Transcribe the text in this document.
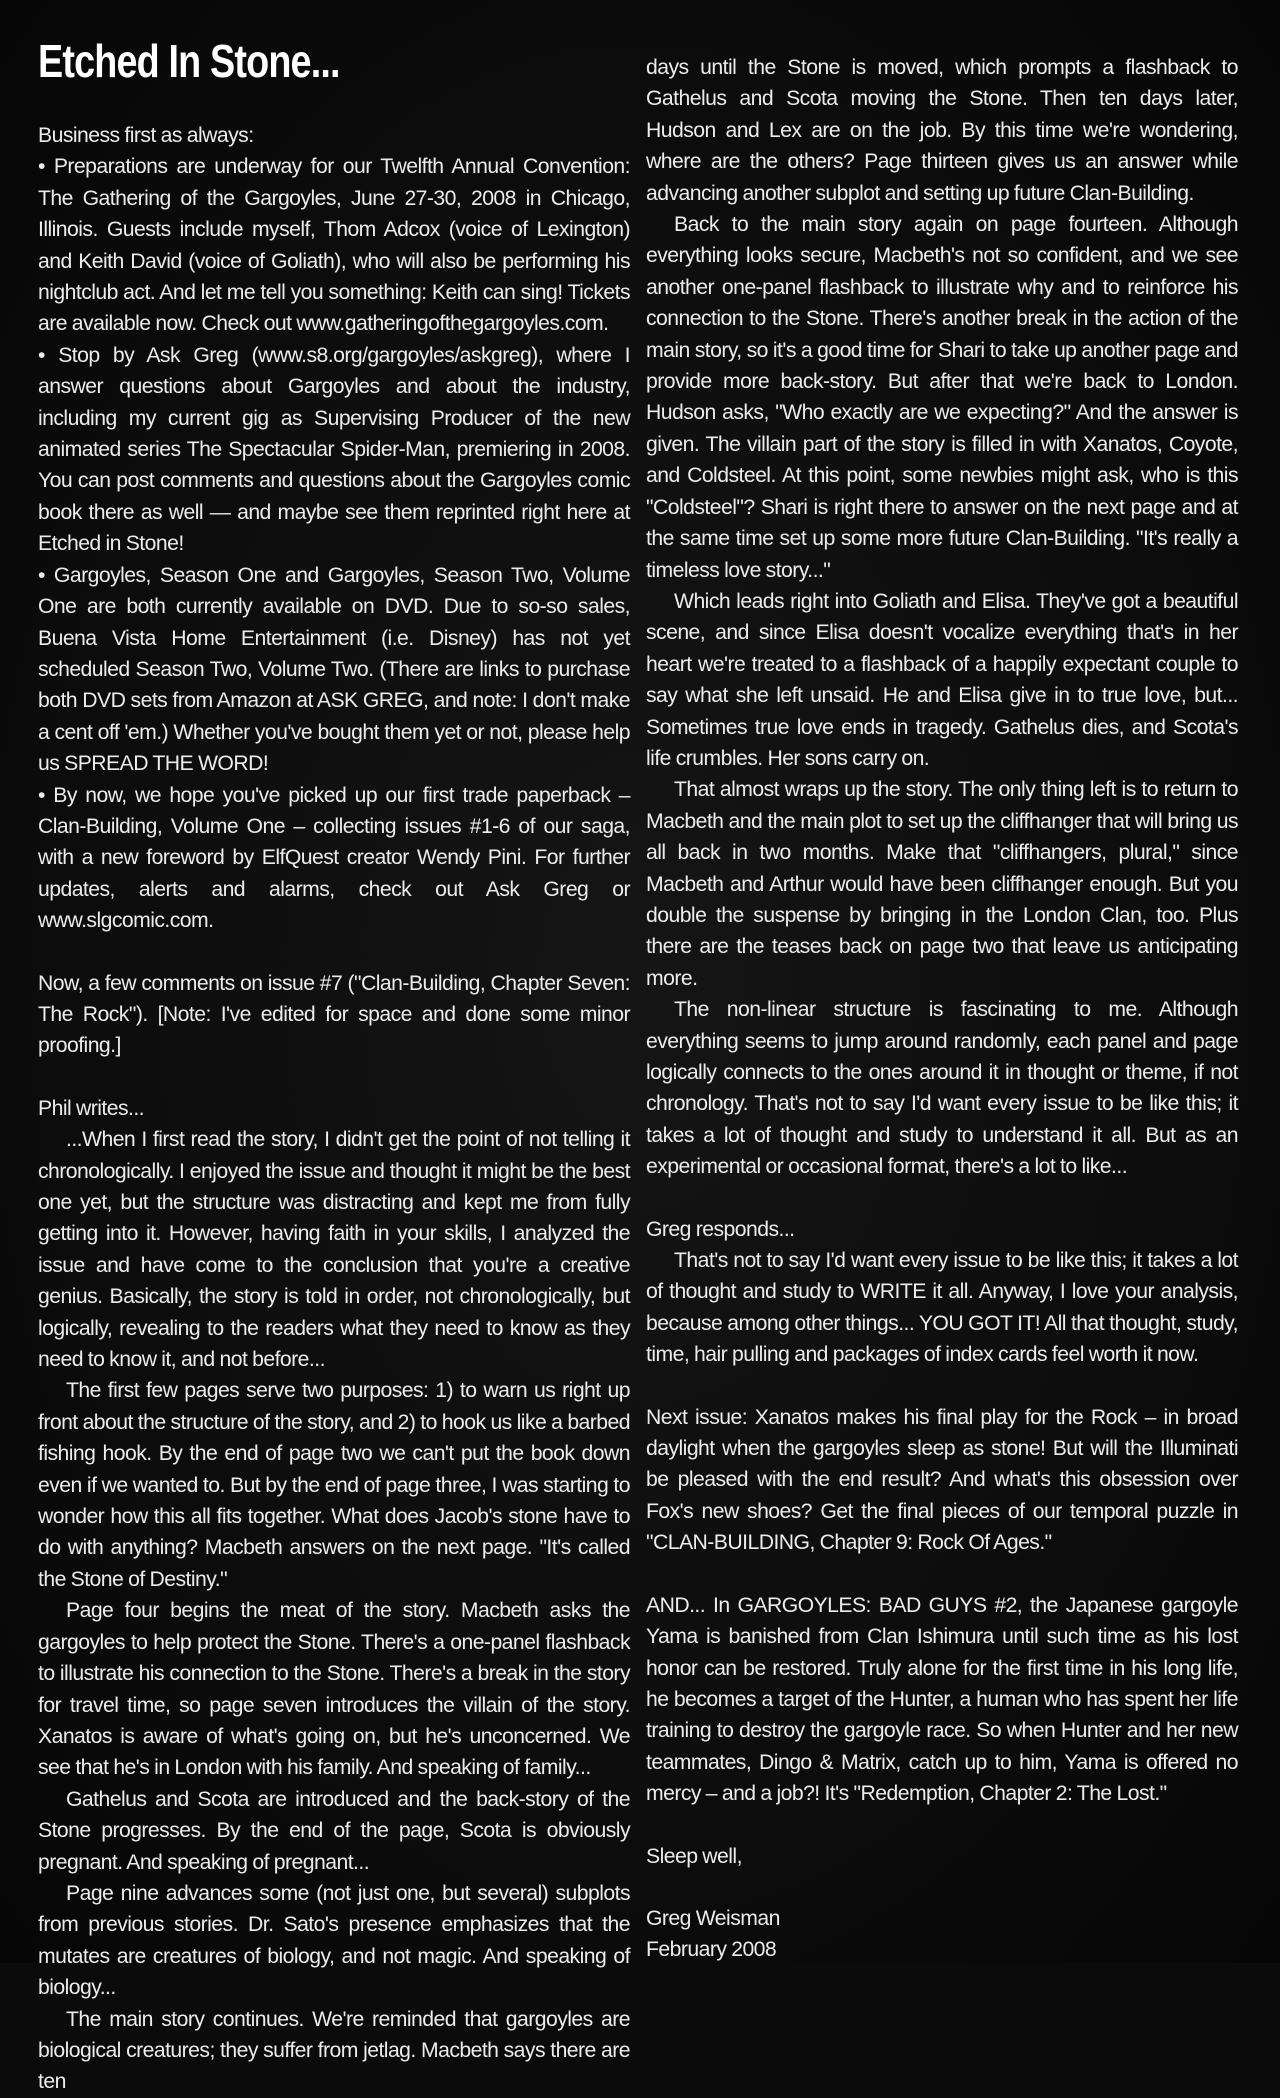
Etched In Stone...

Business first as always:

• Preparations are underway for our Twelfth Annual Convention: The Gathering of the Gargoyles, June 27-30, 2008 in Chicago, Illinois. Guests include myself, Thom Adcox (voice of Lexington) and Keith David (voice of Goliath), who will also be performing his nightclub act. And let me tell you something: Keith can sing! Tickets are available now. Check out www.gatheringofthegargoyles.com.

• Stop by Ask Greg (www.s8.org/gargoyles/askgreg), where I answer questions about Gargoyles and about the industry, including my current gig as Supervising Producer of the new animated series The Spectacular Spider-Man, premiering in 2008. You can post comments and questions about the Gargoyles comic book there as well — and maybe see them reprinted right here at Etched in Stone!

• Gargoyles, Season One and Gargoyles, Season Two, Volume One are both currently available on DVD. Due to so-so sales, Buena Vista Home Entertainment (i.e. Disney) has not yet scheduled Season Two, Volume Two. (There are links to purchase both DVD sets from Amazon at ASK GREG, and note: I don't make a cent off 'em.) Whether you've bought them yet or not, please help us SPREAD THE WORD!

• By now, we hope you've picked up our first trade paperback – Clan-Building, Volume One – collecting issues #1-6 of our saga, with a new foreword by ElfQuest creator Wendy Pini. For further updates, alerts and alarms, check out Ask Greg or www.slgcomic.com.

Now, a few comments on issue #7 ("Clan-Building, Chapter Seven: The Rock"). [Note: I've edited for space and done some minor proofing.]

Phil writes...

...When I first read the story, I didn't get the point of not telling it chronologically. I enjoyed the issue and thought it might be the best one yet, but the structure was distracting and kept me from fully getting into it. However, having faith in your skills, I analyzed the issue and have come to the conclusion that you're a creative genius. Basically, the story is told in order, not chronologically, but logically, revealing to the readers what they need to know as they need to know it, and not before...

The first few pages serve two purposes: 1) to warn us right up front about the structure of the story, and 2) to hook us like a barbed fishing hook. By the end of page two we can't put the book down even if we wanted to. But by the end of page three, I was starting to wonder how this all fits together. What does Jacob's stone have to do with anything? Macbeth answers on the next page. "It's called the Stone of Destiny."

Page four begins the meat of the story. Macbeth asks the gargoyles to help protect the Stone. There's a one-panel flashback to illustrate his connection to the Stone. There's a break in the story for travel time, so page seven introduces the villain of the story. Xanatos is aware of what's going on, but he's unconcerned. We see that he's in London with his family. And speaking of family...

Gathelus and Scota are introduced and the back-story of the Stone progresses. By the end of the page, Scota is obviously pregnant. And speaking of pregnant...

Page nine advances some (not just one, but several) subplots from previous stories. Dr. Sato's presence emphasizes that the mutates are creatures of biology, and not magic. And speaking of biology...

The main story continues. We're reminded that gargoyles are biological creatures; they suffer from jetlag. Macbeth says there are ten

days until the Stone is moved, which prompts a flashback to Gathelus and Scota moving the Stone. Then ten days later, Hudson and Lex are on the job. By this time we're wondering, where are the others? Page thirteen gives us an answer while advancing another subplot and setting up future Clan-Building.

Back to the main story again on page fourteen. Although everything looks secure, Macbeth's not so confident, and we see another one-panel flashback to illustrate why and to reinforce his connection to the Stone. There's another break in the action of the main story, so it's a good time for Shari to take up another page and provide more back-story. But after that we're back to London. Hudson asks, "Who exactly are we expecting?" And the answer is given. The villain part of the story is filled in with Xanatos, Coyote, and Coldsteel. At this point, some newbies might ask, who is this "Coldsteel"? Shari is right there to answer on the next page and at the same time set up some more future Clan-Building. "It's really a timeless love story..."

Which leads right into Goliath and Elisa. They've got a beautiful scene, and since Elisa doesn't vocalize everything that's in her heart we're treated to a flashback of a happily expectant couple to say what she left unsaid. He and Elisa give in to true love, but... Sometimes true love ends in tragedy. Gathelus dies, and Scota's life crumbles. Her sons carry on.

That almost wraps up the story. The only thing left is to return to Macbeth and the main plot to set up the cliffhanger that will bring us all back in two months. Make that "cliffhangers, plural," since Macbeth and Arthur would have been cliffhanger enough. But you double the suspense by bringing in the London Clan, too. Plus there are the teases back on page two that leave us anticipating more.

The non-linear structure is fascinating to me. Although everything seems to jump around randomly, each panel and page logically connects to the ones around it in thought or theme, if not chronology. That's not to say I'd want every issue to be like this; it takes a lot of thought and study to understand it all. But as an experimental or occasional format, there's a lot to like...

Greg responds...

That's not to say I'd want every issue to be like this; it takes a lot of thought and study to WRITE it all. Anyway, I love your analysis, because among other things... YOU GOT IT! All that thought, study, time, hair pulling and packages of index cards feel worth it now.

Next issue: Xanatos makes his final play for the Rock – in broad daylight when the gargoyles sleep as stone! But will the Illuminati be pleased with the end result? And what's this obsession over Fox's new shoes? Get the final pieces of our temporal puzzle in "CLAN-BUILDING, Chapter 9: Rock Of Ages."

AND... In GARGOYLES: BAD GUYS #2, the Japanese gargoyle Yama is banished from Clan Ishimura until such time as his lost honor can be restored. Truly alone for the first time in his long life, he becomes a target of the Hunter, a human who has spent her life training to destroy the gargoyle race. So when Hunter and her new teammates, Dingo & Matrix, catch up to him, Yama is offered no mercy – and a job?! It's "Redemption, Chapter 2: The Lost."

Sleep well,

Greg Weisman

February 2008
